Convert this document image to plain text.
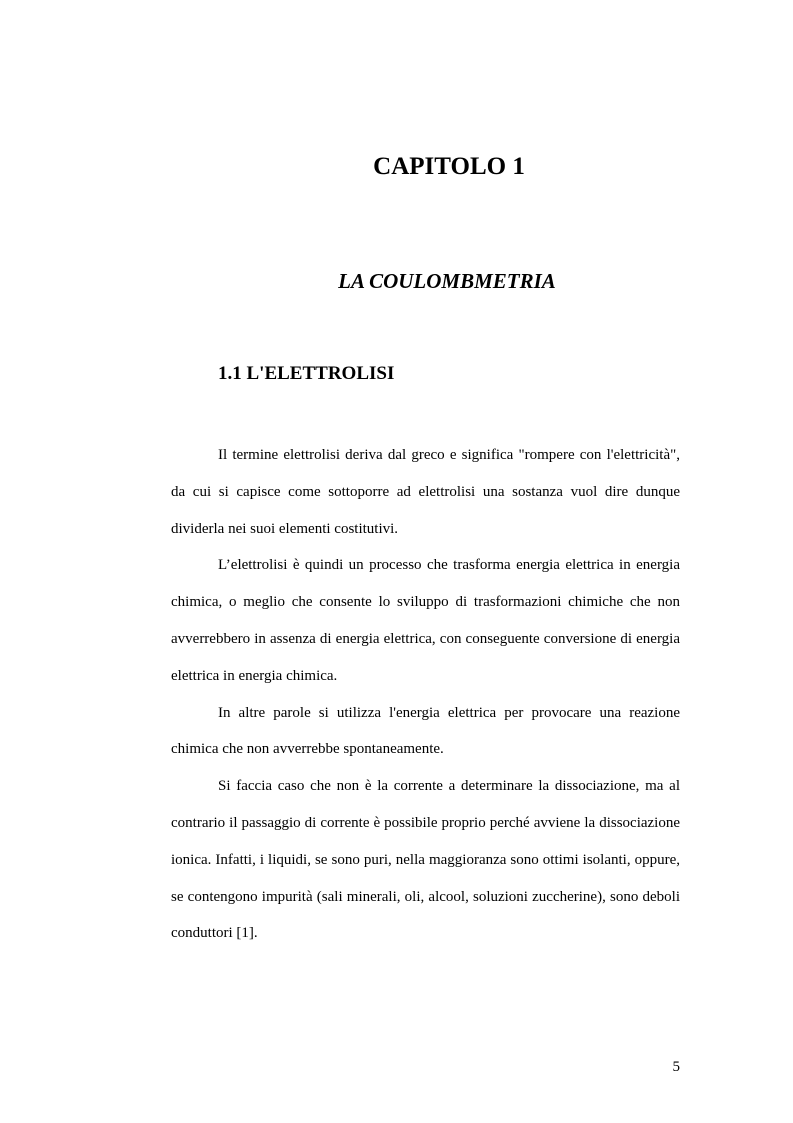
CAPITOLO 1
LA COULOMBMETRIA
1.1 L'ELETTROLISI

Il termine elettrolisi deriva dal greco e significa "rompere con l'elettricità", da cui si capisce come sottoporre ad elettrolisi una sostanza vuol dire dunque dividerla nei suoi elementi costitutivi.

L’elettrolisi è quindi un processo che trasforma energia elettrica in energia chimica, o meglio che consente lo sviluppo di trasformazioni chimiche che non avverrebbero in assenza di energia elettrica, con conseguente conversione di energia elettrica in energia chimica.

In altre parole si utilizza l'energia elettrica per provocare una reazione chimica che non avverrebbe spontaneamente.

Si faccia caso che non è la corrente a determinare la dissociazione, ma al contrario il passaggio di corrente è possibile proprio perché avviene la dissociazione ionica. Infatti, i liquidi, se sono puri, nella maggioranza sono ottimi isolanti, oppure, se contengono impurità (sali minerali, oli, alcool, soluzioni zuccherine), sono deboli conduttori [1].

5
